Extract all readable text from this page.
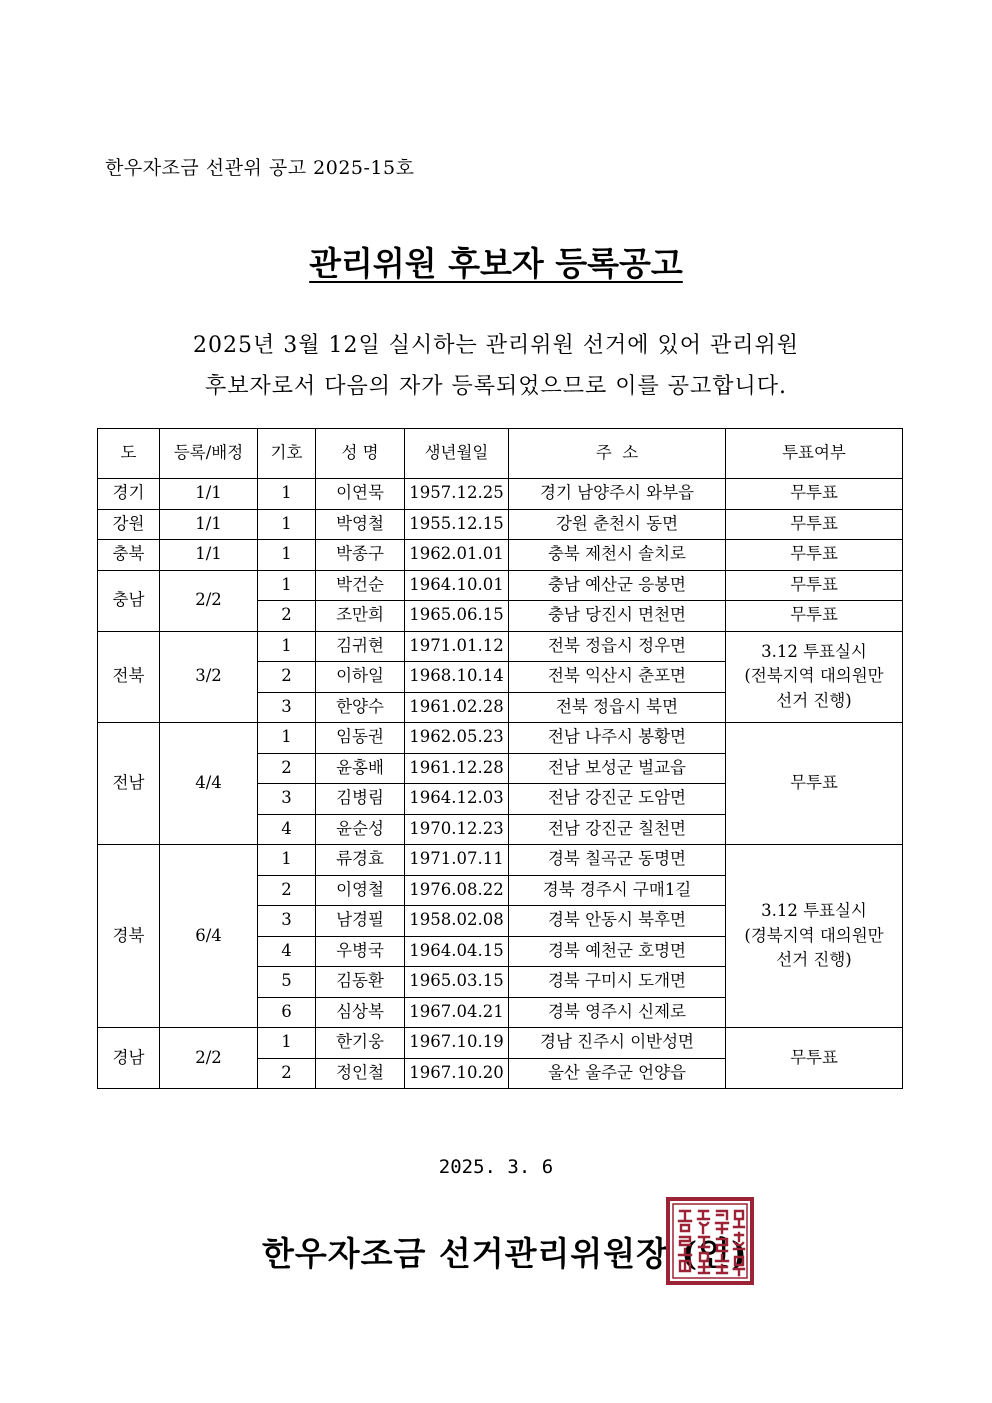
한우자조금 선관위 공고 2025-15호
관리위원 후보자 등록공고
2025년 3월 12일 실시하는 관리위원 선거에 있어 관리위원
후보자로서 다음의 자가 등록되었으므로 이를 공고합니다.
도	등록/배정	기호	성 명	생년월일	주  소	투표여부
경기	1/1	1	이연묵	1957.12.25	경기 남양주시 와부읍	무투표
강원	1/1	1	박영철	1955.12.15	강원 춘천시 동면	무투표
충북	1/1	1	박종구	1962.01.01	충북 제천시 솔치로	무투표
충남	2/2	1	박건순	1964.10.01	충남 예산군 응봉면	무투표
		2	조만희	1965.06.15	충남 당진시 면천면	무투표
전북	3/2	1	김귀현	1971.01.12	전북 정읍시 정우면	3.12 투표실시
(전북지역 대의원만
선거 진행)

		2	이하일	1968.10.14	전북 익산시 춘포면	
		3	한양수	1961.02.28	전북 정읍시 북면	
전남	4/4	1	임동권	1962.05.23	전남 나주시 봉황면	무투표
		2	윤홍배	1961.12.28	전남 보성군 벌교읍	
		3	김병림	1964.12.03	전남 강진군 도암면	
		4	윤순성	1970.12.23	전남 강진군 칠천면	
경북	6/4	1	류경효	1971.07.11	경북 칠곡군 동명면	3.12 투표실시
(경북지역 대의원만
선거 진행)

		2	이영철	1976.08.22	경북 경주시 구매1길	
		3	남경필	1958.02.08	경북 안동시 북후면	
		4	우병국	1964.04.15	경북 예천군 호명면	
		5	김동환	1965.03.15	경북 구미시 도개면	
		6	심상복	1967.04.21	경북 영주시 신제로	
경남	2/2	1	한기웅	1967.10.19	경남 진주시 이반성면	무투표
		2	정인철	1967.10.20	울산 울주군 언양읍	
2025. 3. 6
한우자조금 선거관리위원장 (인)
